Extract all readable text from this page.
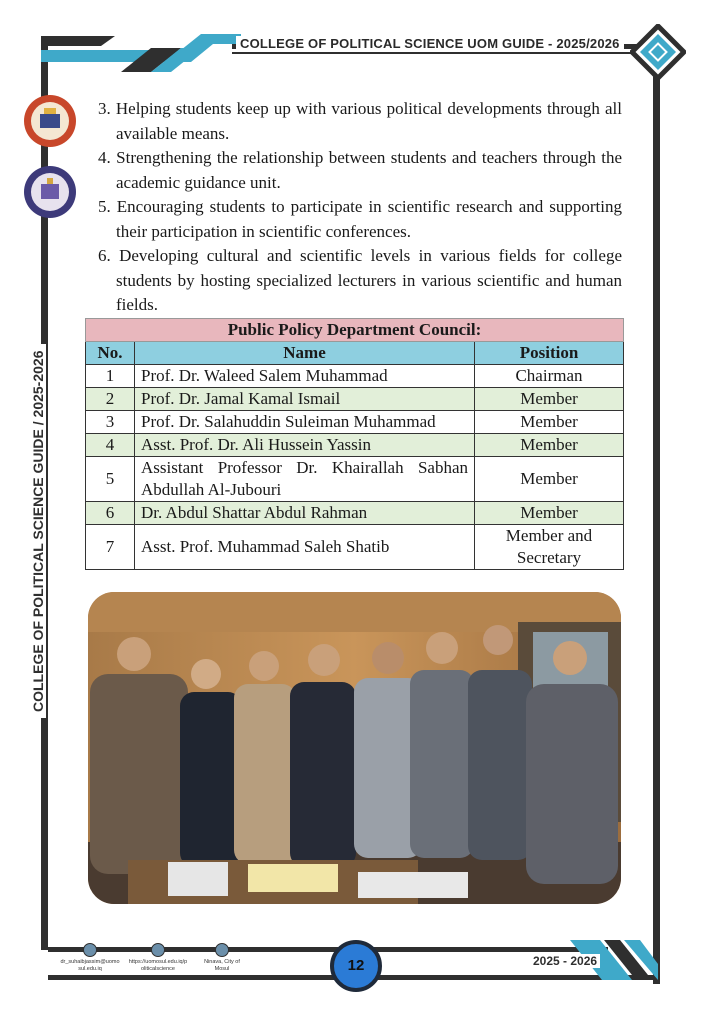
COLLEGE OF POLITICAL SCIENCE UOM GUIDE - 2025/2026
COLLEGE OF POLITICAL SCIENCE GUIDE / 2025-2026

3. Helping students keep up with various political developments through all available means.

4. Strengthening the relationship between students and teachers through the academic guidance unit.

5. Encouraging students to participate in scientific research and supporting their participation in scientific conferences.

6. Developing cultural and scientific levels in various fields for college students by hosting specialized lecturers in various scientific and human fields.

Public Policy Department Council:		
No.	Name	Position
1	Prof. Dr. Waleed Salem Muhammad	Chairman
2	Prof. Dr. Jamal Kamal Ismail	Member
3	Prof. Dr. Salahuddin Suleiman Muhammad	Member
4	Asst. Prof. Dr. Ali Hussein Yassin	Member
5	Assistant Professor Dr. Khairallah Sabhan Abdullah Al-Jubouri	Member
6	Dr. Abdul Shattar Abdul Rahman	Member
7	Asst. Prof. Muhammad Saleh Shatib	Member and Secretary
dr_suhaibjassim@uomosul.edu.iq
https://uomosul.edu.iq/politicalscience
Ninava, City of Mosul	12	2025 - 2026
